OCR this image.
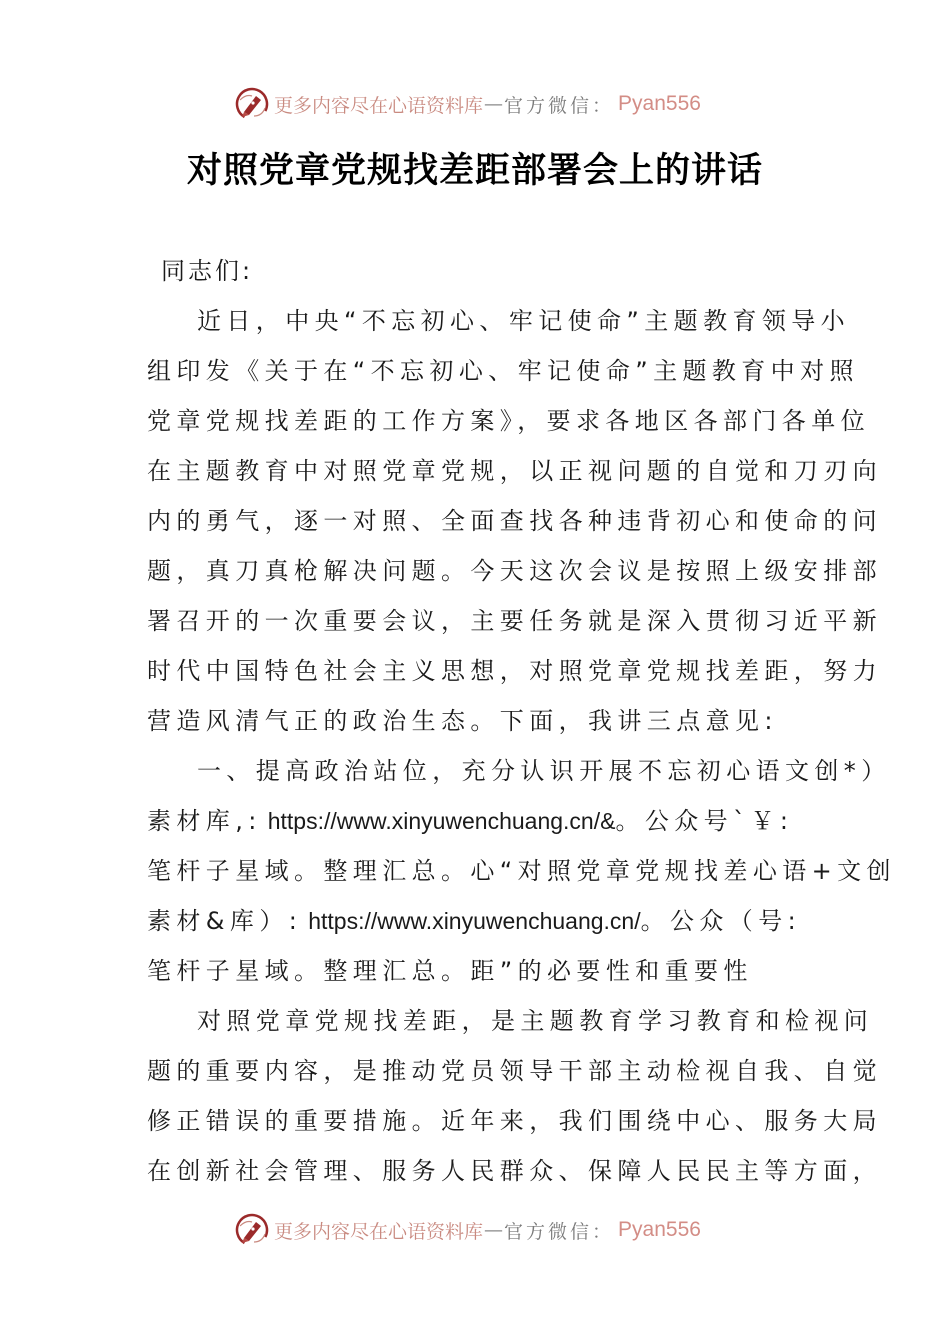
更多内容尽在心语资料库 — 官方微信： Pyan556
对照党章党规找差距部署会上的讲话
同志们:
近日，中央“不忘初心、牢记使命”主题教育领导小
组印发《关于在“不忘初心、牢记使命”主题教育中对照
党章党规找差距的工作方案》，要求各地区各部门各单位
在主题教育中对照党章党规，以正视问题的自觉和刀刃向
内的勇气，逐一对照、全面查找各种违背初心和使命的问
题，真刀真枪解决问题。今天这次会议是按照上级安排部
署召开的一次重要会议，主要任务就是深入贯彻习近平新
时代中国特色社会主义思想，对照党章党规找差距，努力
营造风清气正的政治生态。下面，我讲三点意见:
一、提高政治站位，充分认识开展不忘初心语文创*）
素材库,: https://www.xinyuwenchuang.cn/&。公众号`￥:
笔杆子星域。整理汇总。心“对照党章党规找差心语+文创
素材&库）: https://www.xinyuwenchuang.cn/。公众（号:
笔杆子星域。整理汇总。距”的必要性和重要性
对照党章党规找差距，是主题教育学习教育和检视问
题的重要内容，是推动党员领导干部主动检视自我、自觉
修正错误的重要措施。近年来，我们围绕中心、服务大局
在创新社会管理、服务人民群众、保障人民民主等方面，
更多内容尽在心语资料库 — 官方微信： Pyan556
